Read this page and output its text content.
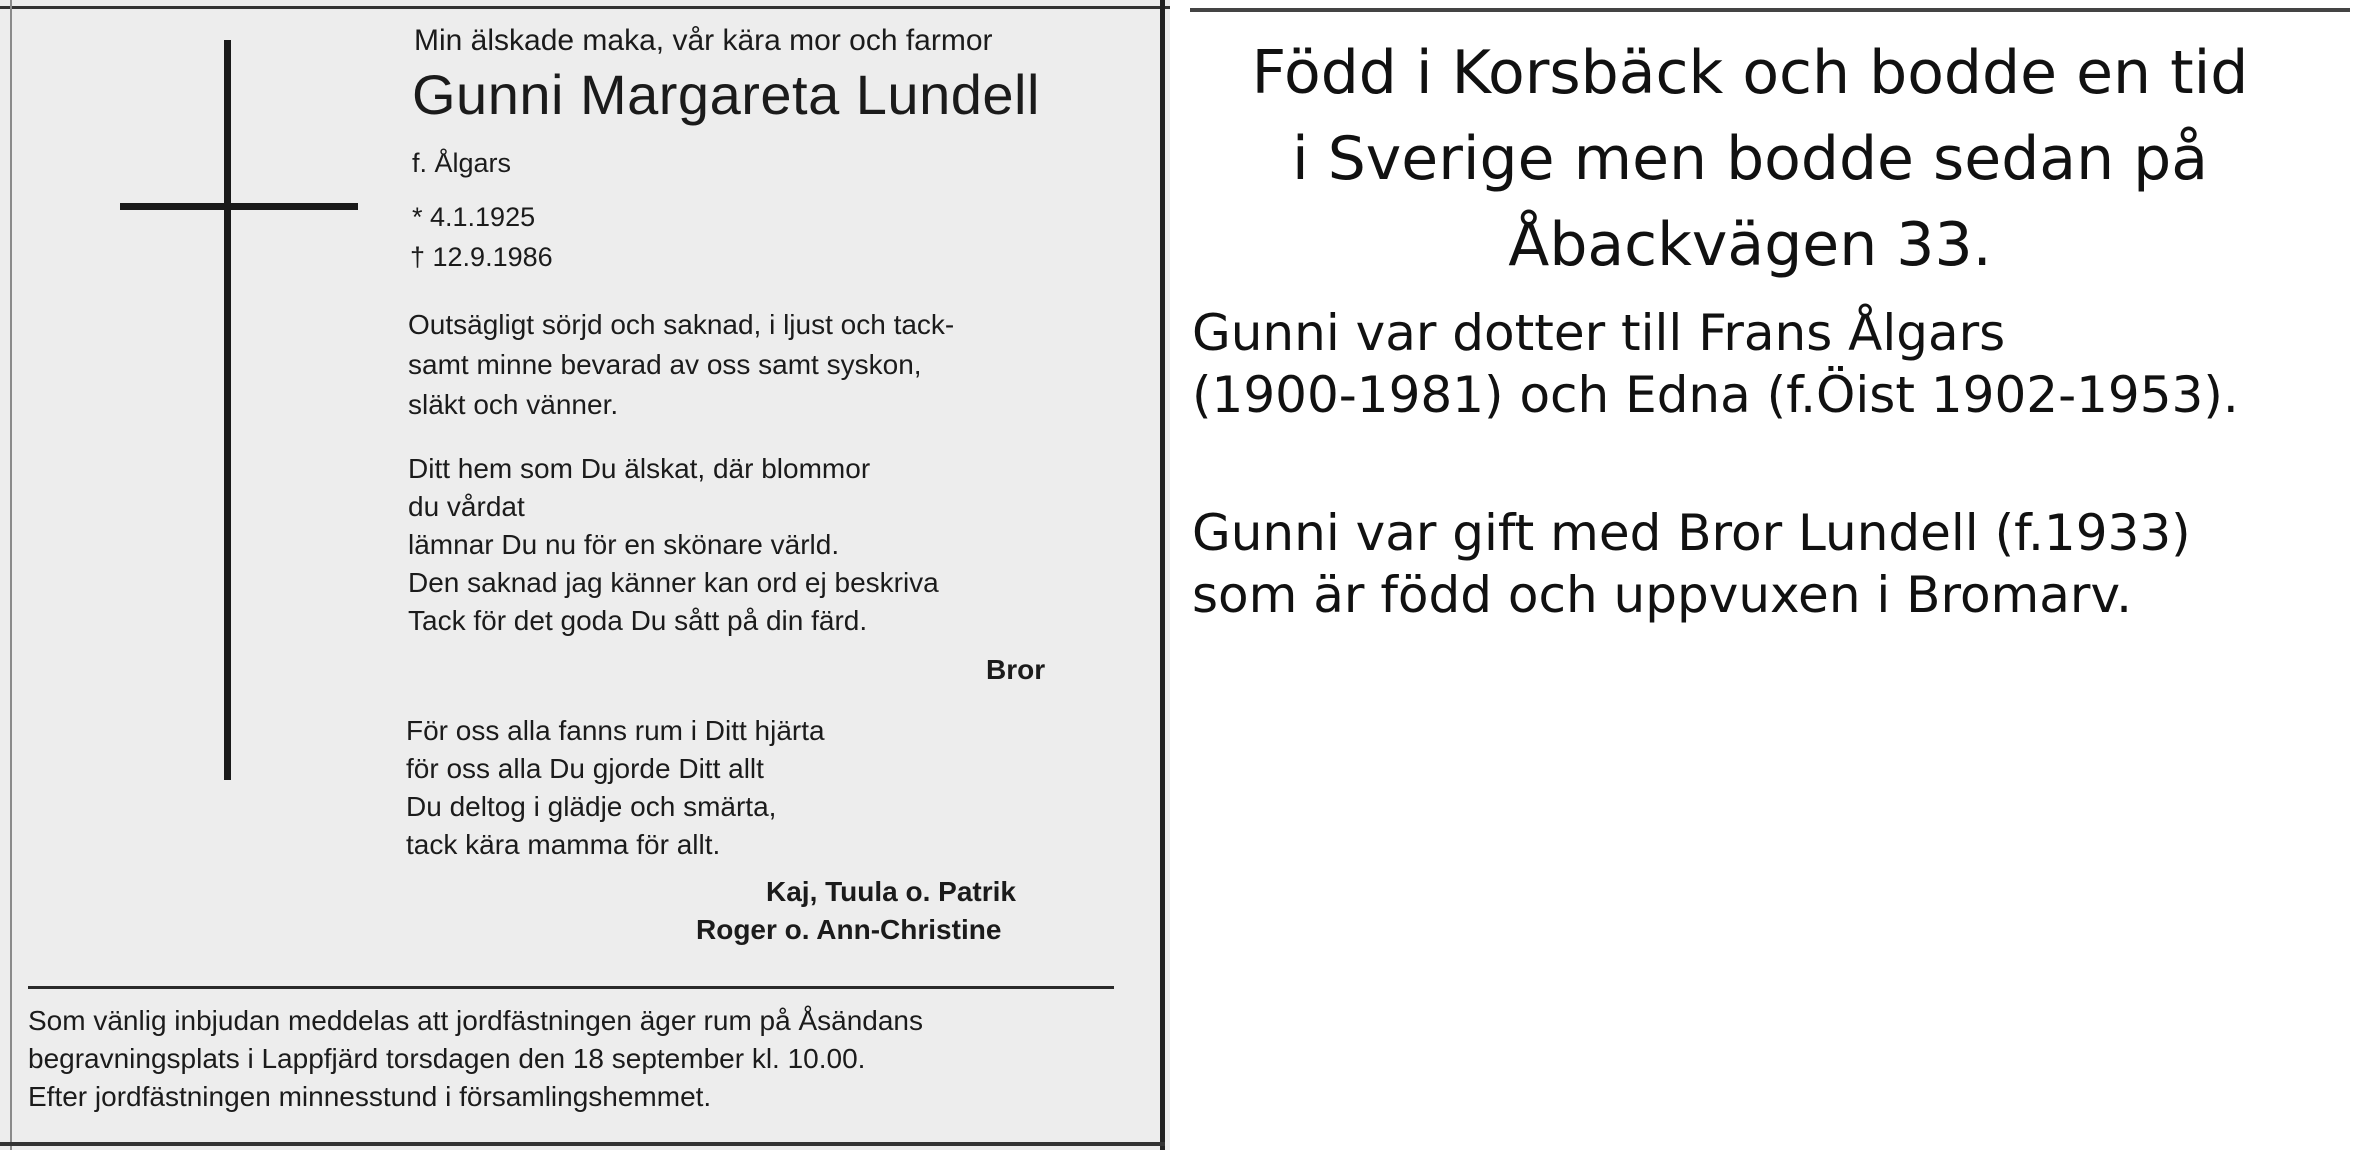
Min älskade maka, vår kära mor och farmor
Gunni Margareta Lundell
f. Ålgars
* 4.1.1925
† 12.9.1986
Outsägligt sörjd och saknad, i ljust och tack-
samt minne bevarad av oss samt syskon,
släkt och vänner.
Ditt hem som Du älskat, där blommor
du vårdat
lämnar Du nu för en skönare värld.
Den saknad jag känner kan ord ej beskriva
Tack för det goda Du sått på din färd.
Bror
För oss alla fanns rum i Ditt hjärta
för oss alla Du gjorde Ditt allt
Du deltog i glädje och smärta,
tack kära mamma för allt.
Kaj, Tuula o. Patrik
Roger o. Ann-Christine
Som vänlig inbjudan meddelas att jordfästningen äger rum på Åsändans
begravningsplats i Lappfjärd torsdagen den 18 september kl. 10.00.
Efter jordfästningen minnesstund i församlingshemmet.
Född i Korsbäck och bodde en tid
i Sverige men bodde sedan på
Åbackvägen 33.
Gunni var dotter till Frans Ålgars
(1900-1981) och Edna (f.Öist 1902-1953).
Gunni var gift med Bror Lundell (f.1933)
som är född och uppvuxen i Bromarv.
